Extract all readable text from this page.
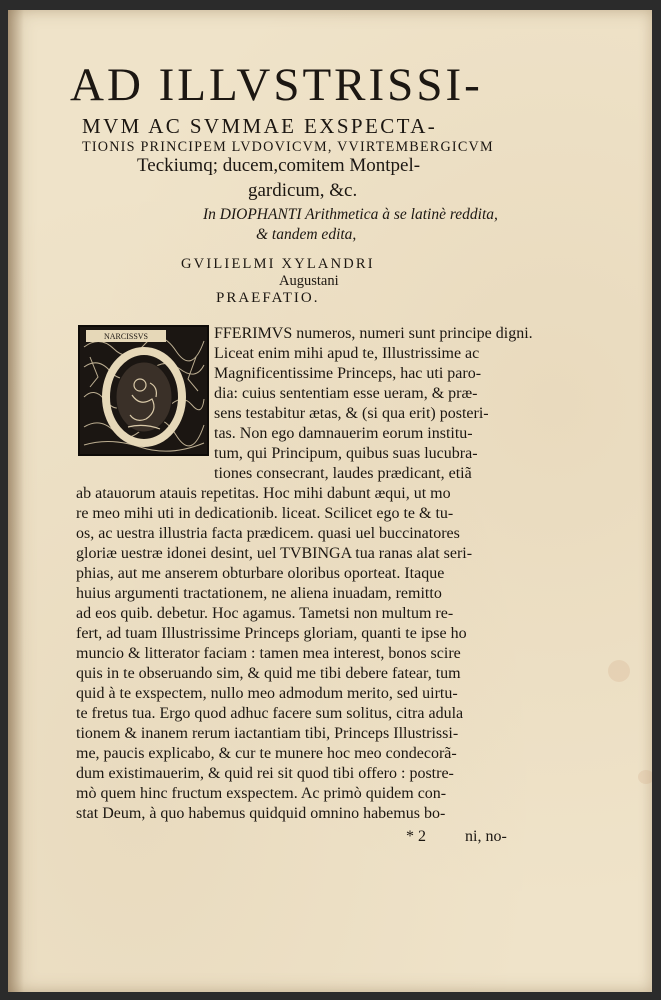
AD ILLVSTRISSI-
MVM AC SVMMAE EXSPECTA-
TIONIS PRINCIPEM LVDOVICVM, VVIRTEMBERGICVM
Teckiumq; ducem,comitem Montpel-
gardicum, &c.
In DIOPHANTI Arithmetica à se latinè reddita,
& tandem edita,
GVILIELMI XYLANDRI
Augustani
PRAEFATIO.
NARCISSVS	FFERIMVS numeros, numeri sunt principe digni.
Liceat enim mihi apud te, Illustrissime ac
Magnificentissime Princeps, hac uti paro-
dia: cuius sententiam esse ueram, & præ-
sens testabitur ætas, & (si qua erit) posteri-
tas. Non ego damnauerim eorum institu-
tum, qui Principum, quibus suas lucubra-
tiones consecrant, laudes prædicant, etiã
ab atauorum atauis repetitas. Hoc mihi dabunt æqui, ut mo
re meo mihi uti in dedicationib. liceat. Scilicet ego te & tu-
os, ac uestra illustria facta prædicem. quasi uel buccinatores
gloriæ uestræ idonei desint, uel TVBINGA tua ranas alat seri-
phias, aut me anserem obturbare oloribus oporteat. Itaque
huius argumenti tractationem, ne aliena inuadam, remitto
ad eos quib. debetur. Hoc agamus. Tametsi non multum re-
fert, ad tuam Illustrissime Princeps gloriam, quanti te ipse ho
muncio & litterator faciam : tamen mea interest, bonos scire
quis in te obseruando sim, & quid me tibi debere fatear, tum
quid à te exspectem, nullo meo admodum merito, sed uirtu-
te fretus tua. Ergo quod adhuc facere sum solitus, citra adula
tionem & inanem rerum iactantiam tibi, Princeps Illustrissi-
me, paucis explicabo, & cur te munere hoc meo condecorã-
dum existimauerim, & quid rei sit quod tibi offero : postre-
mò quem hinc fructum exspectem. Ac primò quidem con-
stat Deum, à quo habemus quidquid omnino habemus bo-
* 2 ni, no-
